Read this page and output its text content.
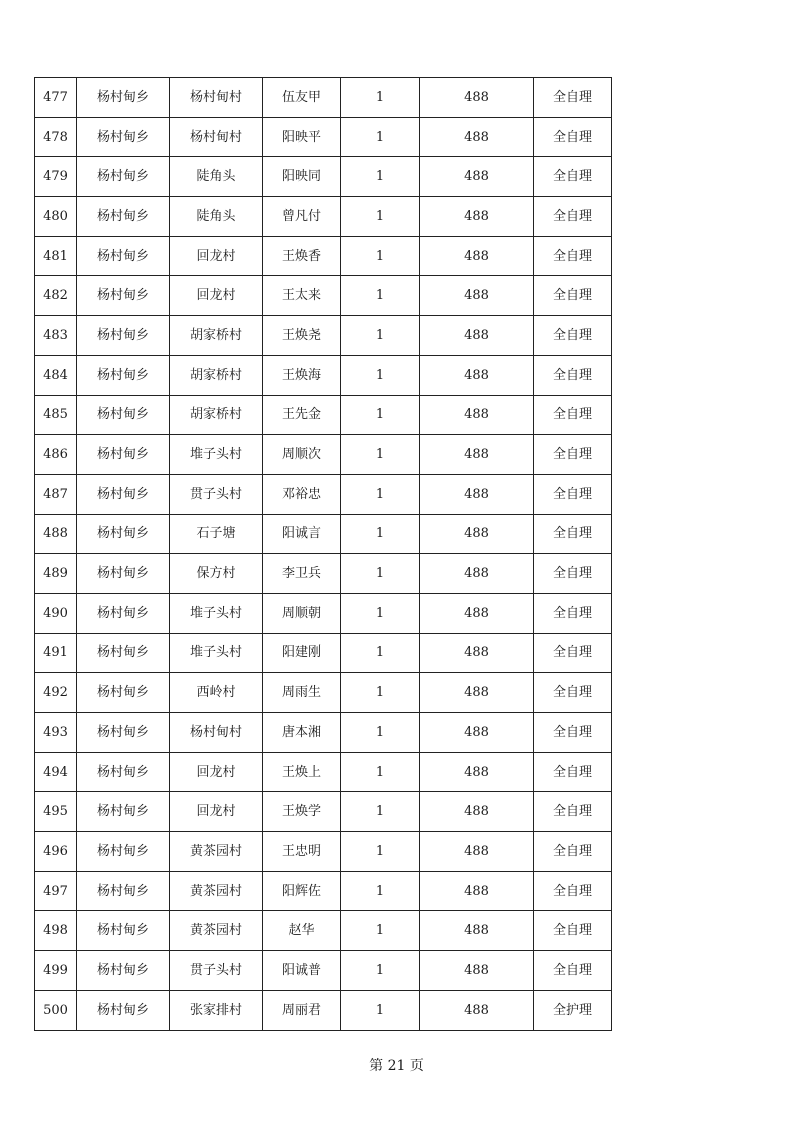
477	杨村甸乡	杨村甸村	伍友甲	1	488	全自理
478	杨村甸乡	杨村甸村	阳映平	1	488	全自理
479	杨村甸乡	陡角头	阳映同	1	488	全自理
480	杨村甸乡	陡角头	曾凡付	1	488	全自理
481	杨村甸乡	回龙村	王焕香	1	488	全自理
482	杨村甸乡	回龙村	王太来	1	488	全自理
483	杨村甸乡	胡家桥村	王焕尧	1	488	全自理
484	杨村甸乡	胡家桥村	王焕海	1	488	全自理
485	杨村甸乡	胡家桥村	王先金	1	488	全自理
486	杨村甸乡	堆子头村	周顺次	1	488	全自理
487	杨村甸乡	贯子头村	邓裕忠	1	488	全自理
488	杨村甸乡	石子塘	阳诚言	1	488	全自理
489	杨村甸乡	保方村	李卫兵	1	488	全自理
490	杨村甸乡	堆子头村	周顺朝	1	488	全自理
491	杨村甸乡	堆子头村	阳建刚	1	488	全自理
492	杨村甸乡	西岭村	周雨生	1	488	全自理
493	杨村甸乡	杨村甸村	唐本湘	1	488	全自理
494	杨村甸乡	回龙村	王焕上	1	488	全自理
495	杨村甸乡	回龙村	王焕学	1	488	全自理
496	杨村甸乡	黄茶园村	王忠明	1	488	全自理
497	杨村甸乡	黄茶园村	阳辉佐	1	488	全自理
498	杨村甸乡	黄茶园村	赵华	1	488	全自理
499	杨村甸乡	贯子头村	阳诚普	1	488	全自理
500	杨村甸乡	张家排村	周丽君	1	488	全护理
第 21 页
